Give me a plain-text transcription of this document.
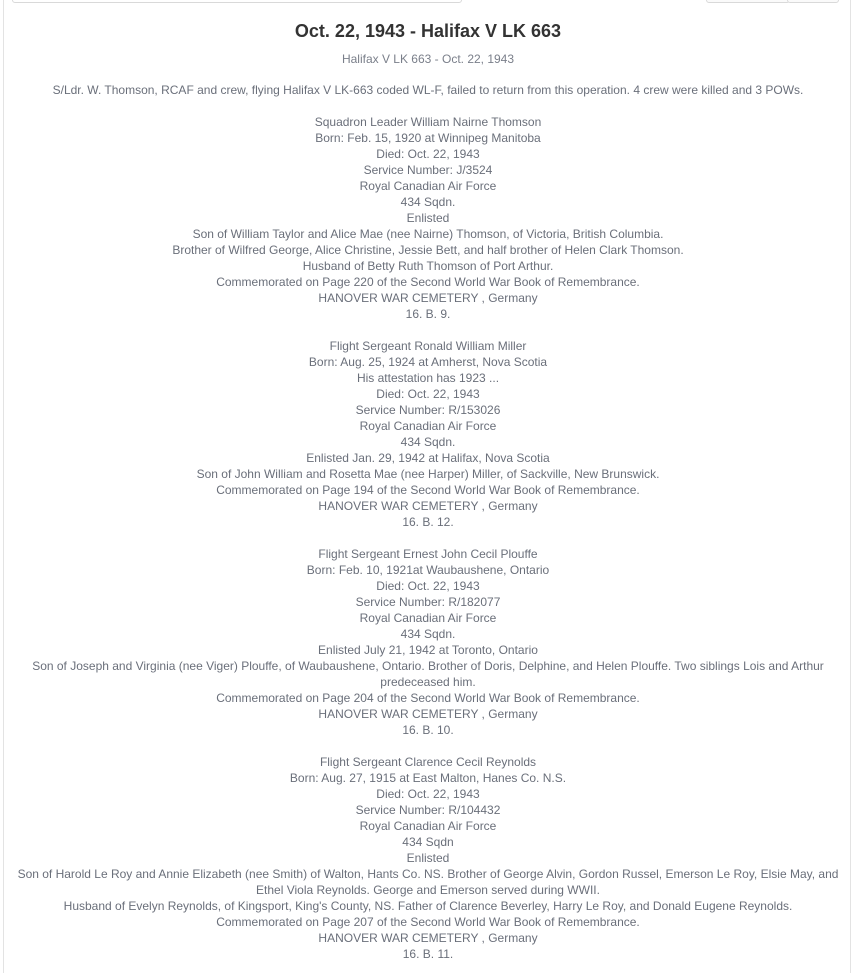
Oct. 22, 1943 - Halifax V LK 663
Halifax V LK 663 - Oct. 22, 1943
S/Ldr. W. Thomson, RCAF and crew, flying Halifax V LK-663 coded WL-F, failed to return from this operation. 4 crew were killed and 3 POWs.
Squadron Leader William Nairne Thomson
Born: Feb. 15, 1920 at Winnipeg Manitoba
Died: Oct. 22, 1943
Service Number: J/3524
Royal Canadian Air Force
434 Sqdn.
Enlisted
Son of William Taylor and Alice Mae (nee Nairne) Thomson, of Victoria, British Columbia.
Brother of Wilfred George, Alice Christine, Jessie Bett, and half brother of Helen Clark Thomson.
Husband of Betty Ruth Thomson of Port Arthur.
Commemorated on Page 220 of the Second World War Book of Remembrance.
HANOVER WAR CEMETERY , Germany
16. B. 9.
Flight Sergeant Ronald William Miller
Born: Aug. 25, 1924 at Amherst, Nova Scotia
His attestation has 1923 ...
Died: Oct. 22, 1943
Service Number: R/153026
Royal Canadian Air Force
434 Sqdn.
Enlisted Jan. 29, 1942 at Halifax, Nova Scotia
Son of John William and Rosetta Mae (nee Harper) Miller, of Sackville, New Brunswick.
Commemorated on Page 194 of the Second World War Book of Remembrance.
HANOVER WAR CEMETERY , Germany
16. B. 12.
Flight Sergeant Ernest John Cecil Plouffe
Born: Feb. 10, 1921at Waubaushene, Ontario
Died: Oct. 22, 1943
Service Number: R/182077
Royal Canadian Air Force
434 Sqdn.
Enlisted July 21, 1942 at Toronto, Ontario
Son of Joseph and Virginia (nee Viger) Plouffe, of Waubaushene, Ontario. Brother of Doris, Delphine, and Helen Plouffe. Two siblings Lois and Arthur predeceased him.
Commemorated on Page 204 of the Second World War Book of Remembrance.
HANOVER WAR CEMETERY , Germany
16. B. 10.
Flight Sergeant Clarence Cecil Reynolds
Born: Aug. 27, 1915 at East Malton, Hanes Co. N.S.
Died: Oct. 22, 1943
Service Number: R/104432
Royal Canadian Air Force
434 Sqdn
Enlisted
Son of Harold Le Roy and Annie Elizabeth (nee Smith) of Walton, Hants Co. NS. Brother of George Alvin, Gordon Russel, Emerson Le Roy, Elsie May, and Ethel Viola Reynolds. George and Emerson served during WWII.
Husband of Evelyn Reynolds, of Kingsport, King's County, NS. Father of Clarence Beverley, Harry Le Roy, and Donald Eugene Reynolds.
Commemorated on Page 207 of the Second World War Book of Remembrance.
HANOVER WAR CEMETERY , Germany
16. B. 11.
